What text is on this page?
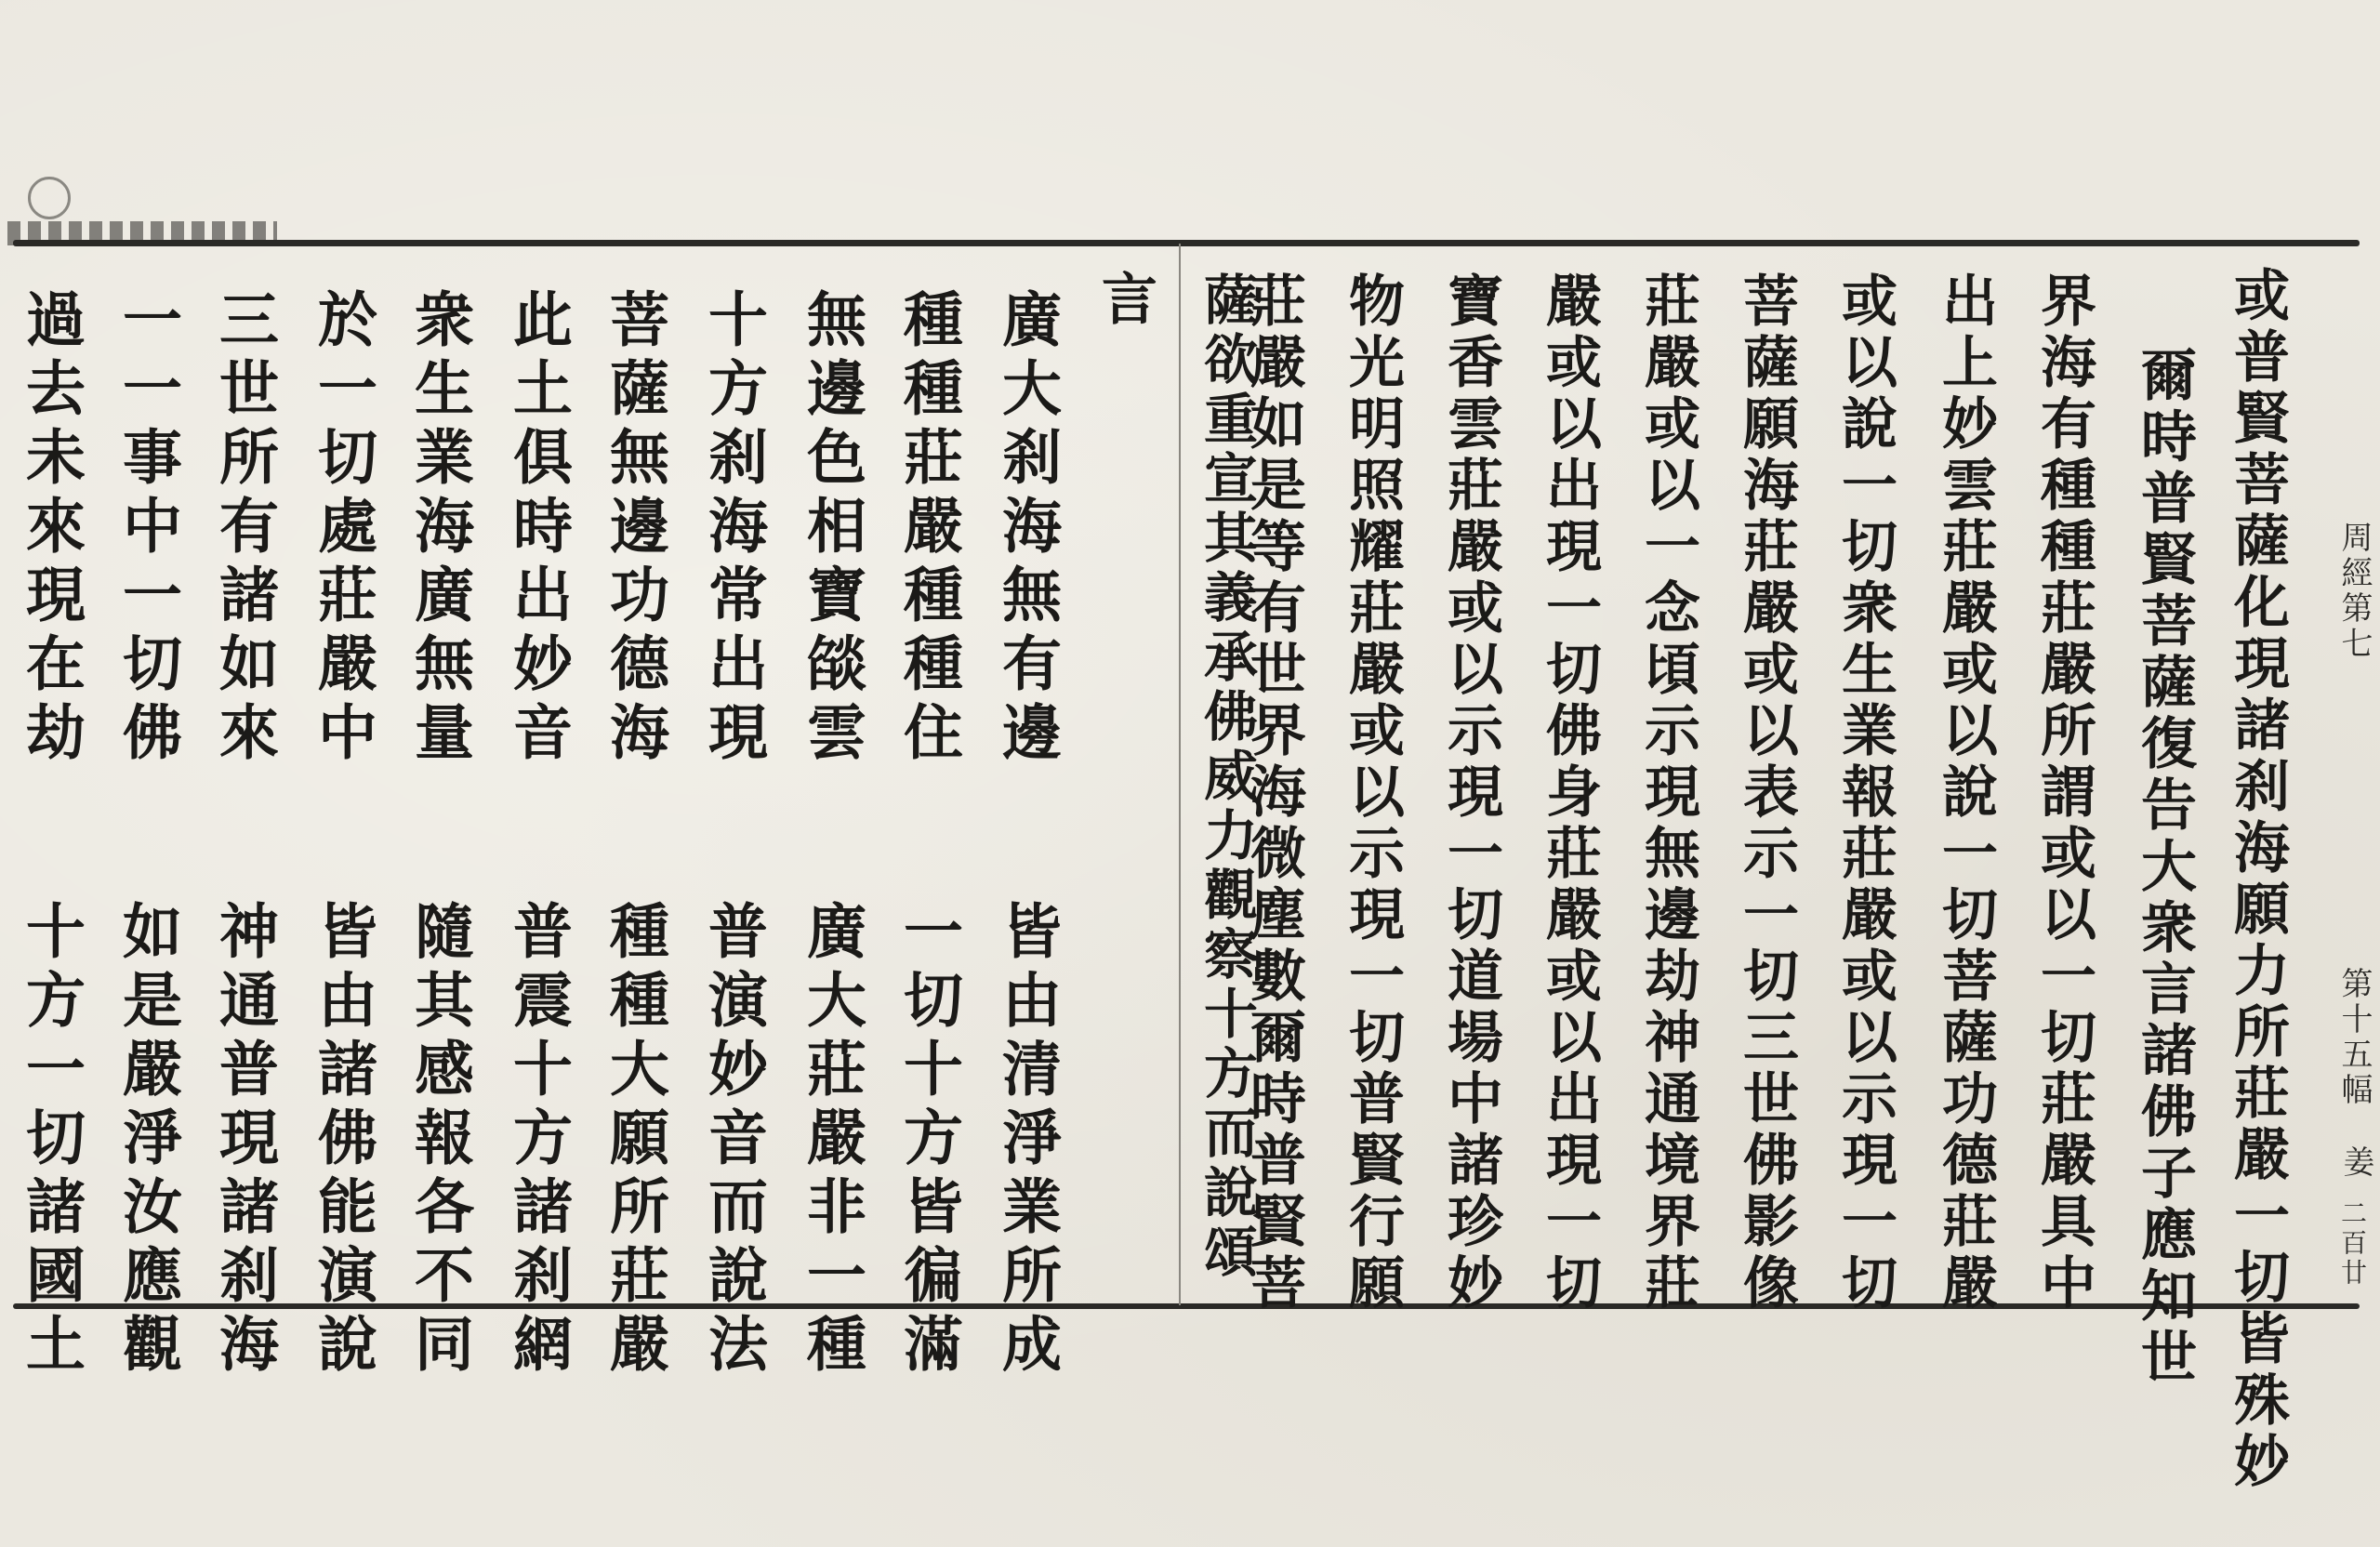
周經第七
第十五幅
姜
二百廿
或普賢菩薩化現諸刹海願力所莊嚴一切皆殊妙
爾時普賢菩薩復告大衆言諸佛子應知世
界海有種種莊嚴所謂或以一切莊嚴具中
出上妙雲莊嚴或以說一切菩薩功德莊嚴
或以說一切衆生業報莊嚴或以示現一切
菩薩願海莊嚴或以表示一切三世佛影像
莊嚴或以一念頃示現無邊劫神通境界莊
嚴或以出現一切佛身莊嚴或以出現一切
寶香雲莊嚴或以示現一切道場中諸珍妙
物光明照耀莊嚴或以示現一切普賢行願
莊嚴如是等有世界海微塵數爾時普賢菩
薩欲重宣其義承佛威力觀察十方而說頌
言
廣大刹海無有邊
種種莊嚴種種住
無邊色相寶燄雲
十方刹海常出現
菩薩無邊功德海
此土俱時出妙音
衆生業海廣無量
於一切處莊嚴中
三世所有諸如來
一一事中一切佛
過去未來現在劫
皆由清淨業所成
一切十方皆徧滿
廣大莊嚴非一種
普演妙音而說法
種種大願所莊嚴
普震十方諸刹網
隨其感報各不同
皆由諸佛能演說
神通普現諸刹海
如是嚴淨汝應觀
十方一切諸國土
